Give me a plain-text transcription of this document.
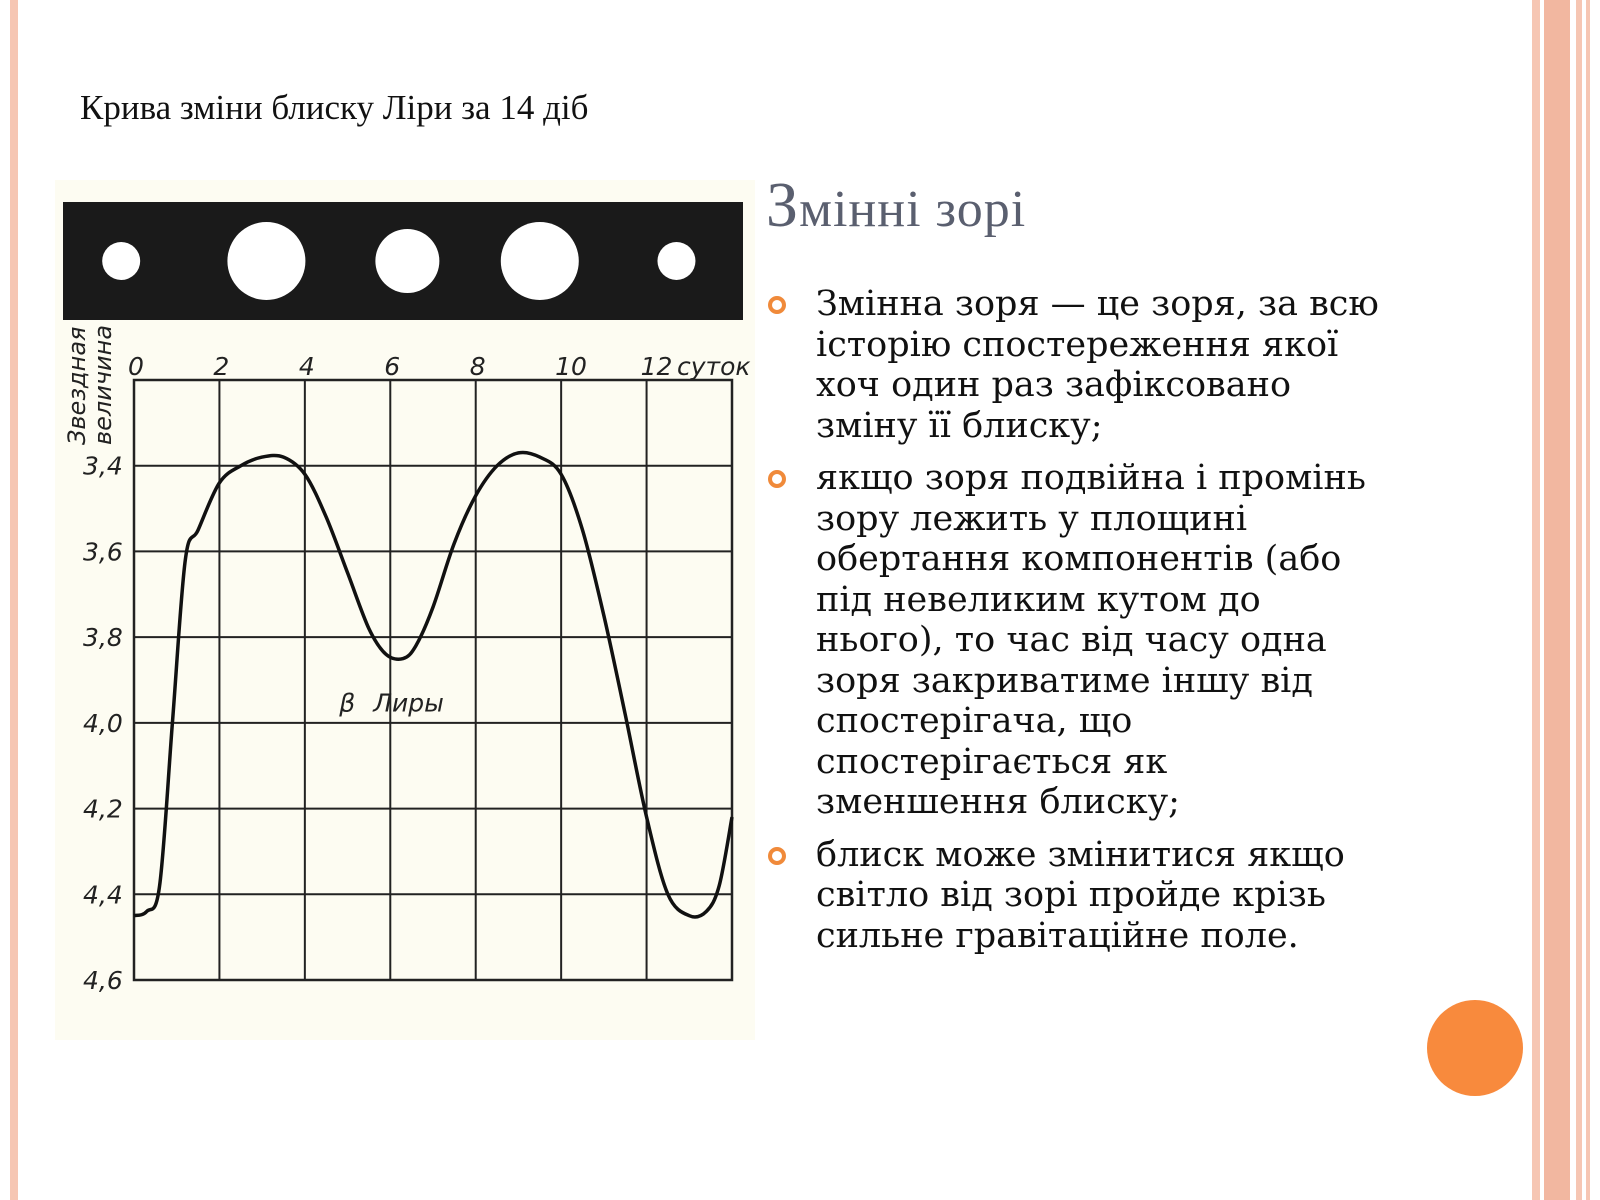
Крива зміни блиску Ліри за 14 діб
Змінні зорі
Змінна зоря — це зоря, за всю історію спостереження якої хоч один раз зафіксовано зміну її блиску;
якщо зоря подвійна і промінь зору лежить у площині обертання компонентів (або під невеликим кутом до нього), то час від часу одна зоря закриватиме іншу від спостерігача, що спостерігається як зменшення блиску;
блиск може змінитися якщо світло від зорі пройде крізь сильне гравітаційне поле.
0	2	4	6	8	10 12
3,4
3,6
3,8
4,0
4,2
4,4
4,6
суток
Звездная величина
β Лиры
